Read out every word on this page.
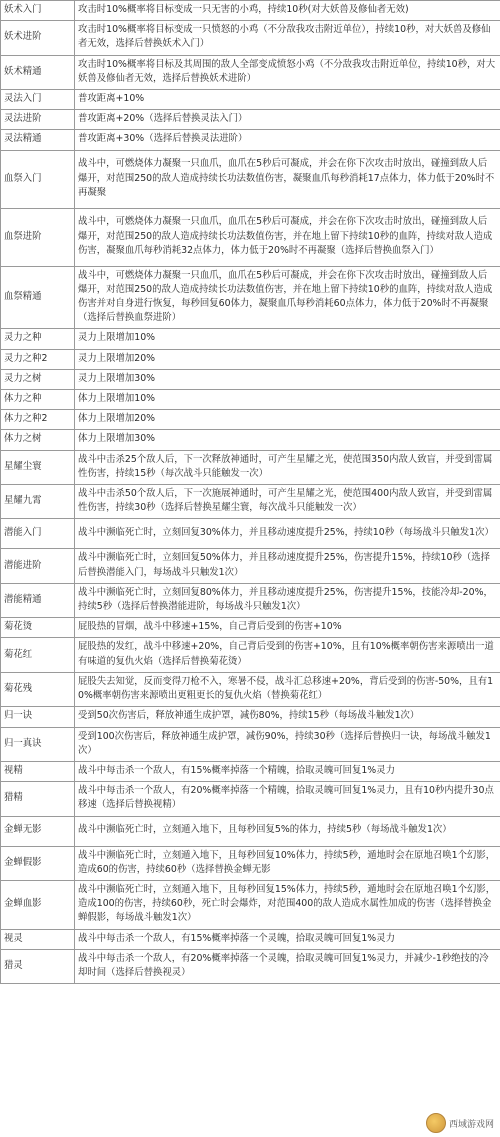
妖术入门	攻击时10%概率将目标变成一只无害的小鸡，持续10秒(对大妖兽及修仙者无效)
妖术进阶	攻击时10%概率将目标变成一只愤怒的小鸡（不分敌我攻击附近单位），持续10秒，对大妖兽及修仙者无效，选择后替换妖术入门）
妖术精通	攻击时10%概率将目标及其周围的敌人全部变成愤怒小鸡（不分敌我攻击附近单位，持续10秒，对大妖兽及修仙者无效，选择后替换妖术进阶）
灵法入门	普攻距离+10%
灵法进阶	普攻距离+20%（选择后替换灵法入门）
灵法精通	普攻距离+30%（选择后替换灵法进阶）
血祭入门	战斗中，可燃烧体力凝聚一只血爪，血爪在5秒后可凝成，并会在你下次攻击时放出，碰撞到敌人后爆开，对范围250的敌人造成持续长功法数值伤害，凝聚血爪每秒消耗17点体力，体力低于20%时不再凝聚
血祭进阶	战斗中，可燃烧体力凝聚一只血爪，血爪在5秒后可凝成，并会在你下次攻击时放出，碰撞到敌人后爆开，对范围250的敌人造成持续长功法数值伤害，并在地上留下持续10秒的血阵，持续对敌人造成伤害，凝聚血爪每秒消耗32点体力，体力低于20%时不再凝聚（选择后替换血祭入门）
血祭精通	战斗中，可燃烧体力凝聚一只血爪，血爪在5秒后可凝成，并会在你下次攻击时放出，碰撞到敌人后爆开，对范围250的敌人造成持续长功法数值伤害，并在地上留下持续10秒的血阵，持续对敌人造成伤害并对自身进行恢复，每秒回复60体力，凝聚血爪每秒消耗60点体力，体力低于20%时不再凝聚（选择后替换血祭进阶）
灵力之种	灵力上限增加10%
灵力之种2	灵力上限增加20%
灵力之树	灵力上限增加30%
体力之种	体力上限增加10%
体力之种2	体力上限增加20%
体力之树	体力上限增加30%
星耀尘寰	战斗中击杀25个敌人后，下一次释放神通时，可产生星耀之光，使范围350内敌人致盲，并受到雷属性伤害，持续15秒（每次战斗只能触发一次）
星耀九霄	战斗中击杀50个敌人后，下一次施展神通时，可产生星耀之光，使范围400内敌人致盲，并受到雷属性伤害，持续30秒（选择后替换星耀尘寰，每次战斗只能触发一次）
潜能入门	战斗中濒临死亡时，立刻回复30%体力，并且移动速度提升25%，持续10秒（每场战斗只触发1次）
潜能进阶	战斗中濒临死亡时，立刻回复50%体力，并且移动速度提升25%，伤害提升15%，持续10秒（选择后替换潜能入门，每场战斗只触发1次）
潜能精通	战斗中濒临死亡时，立刻回复80%体力，并且移动速度提升25%，伤害提升15%，技能冷却-20%，持续5秒（选择后替换潜能进阶，每场战斗只触发1次）
菊花烫	屁股热的冒烟，战斗中移速+15%，自己背后受到的伤害+10%
菊花红	屁股热的发红，战斗中移速+20%，自己背后受到的伤害+10%，且有10%概率朝伤害来源喷出一道有味道的复仇火焰（选择后替换菊花烫）
菊花残	屁股失去知觉，反而变得刀枪不入，寒暑不侵，战斗汇总移速+20%，背后受到的伤害-50%，且有10%概率朝伤害来源喷出更粗更长的复仇火焰（替换菊花红）
归一诀	受到50次伤害后，释放神通生成护罩，减伤80%，持续15秒（每场战斗触发1次）
归一真诀	受到100次伤害后，释放神通生成护罩，减伤90%，持续30秒（选择后替换归一诀，每场战斗触发1次）
视精	战斗中每击杀一个敌人，有15%概率掉落一个精魄，拾取灵魄可回复1%灵力
猎精	战斗中每击杀一个敌人，有20%概率掉落一个精魄，拾取灵魄可回复1%灵力，且有10秒内提升30点移速（选择后替换视精）
金蝉无影	战斗中濒临死亡时，立刻遁入地下，且每秒回复5%的体力，持续5秒（每场战斗触发1次）
金蝉假影	战斗中濒临死亡时，立刻遁入地下，且每秒回复10%体力，持续5秒，遁地时会在原地召唤1个幻影，造成60的伤害，持续60秒（选择替换金蝉无影
金蝉血影	战斗中濒临死亡时，立刻遁入地下，且每秒回复15%体力，持续5秒，遁地时会在原地召唤1个幻影，造成100的伤害，持续60秒，死亡时会爆炸，对范围400的敌人造成水属性加成的伤害（选择替换金蝉假影，每场战斗触发1次）
视灵	战斗中每击杀一个敌人，有15%概率掉落一个灵魄，拾取灵魄可回复1%灵力
猎灵	战斗中每击杀一个敌人，有20%概率掉落一个灵魄，拾取灵魄可回复1%灵力，并减少-1秒绝技的冷却时间（选择后替换视灵）
西域游戏网
